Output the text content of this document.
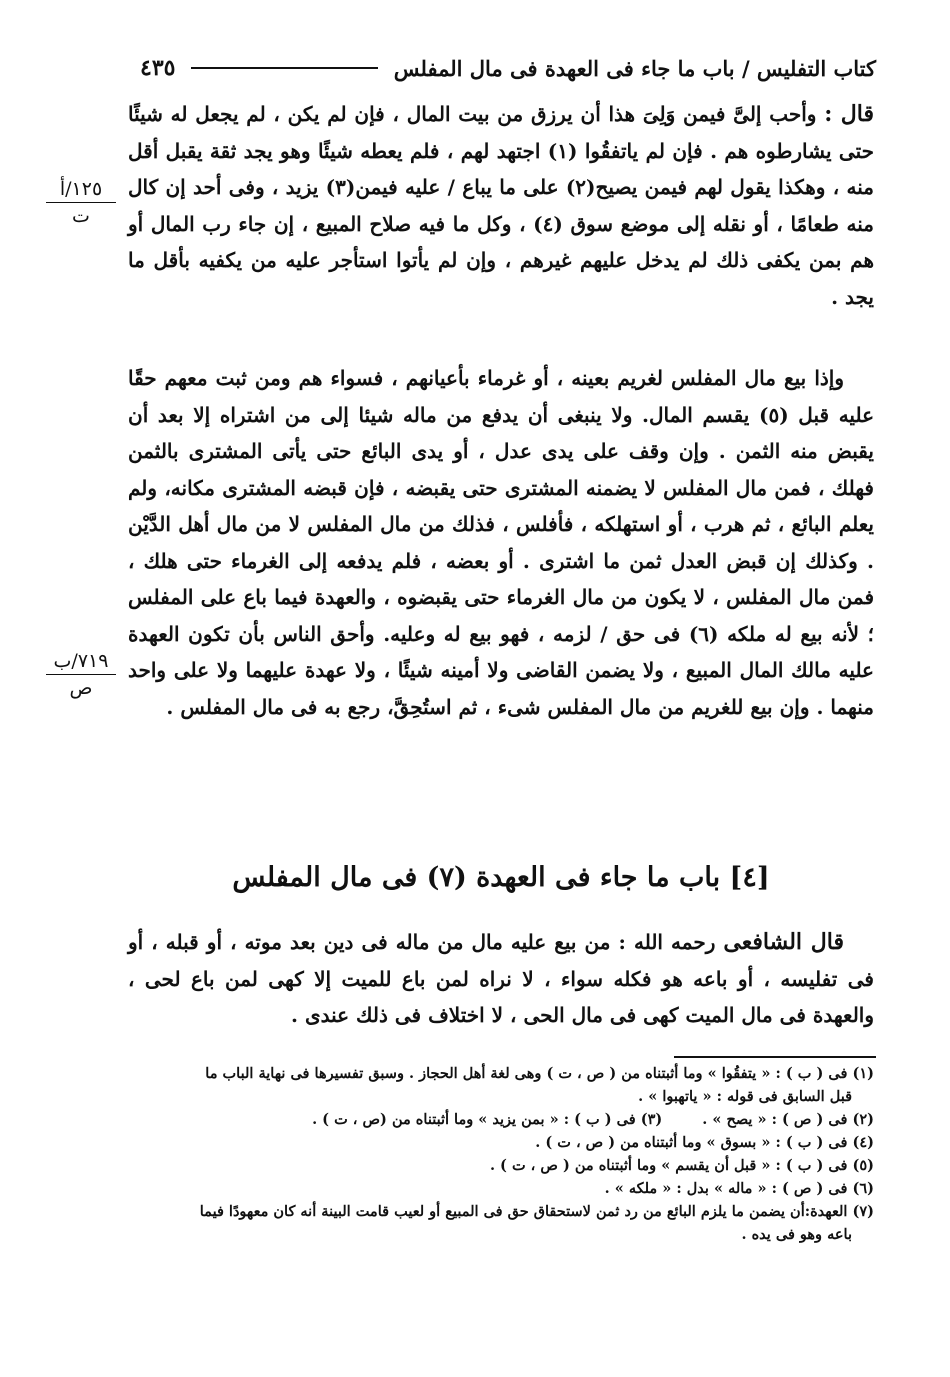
كتاب التفليس / باب ما جاء فى العهدة فى مال المفلس
٤٣٥
١٢٥/أ
ت
٧١٩/ب
ص

قال : وأحب إلىَّ فيمن وَلِىَ هذا أن يرزق من بيت المال ، فإن لم يكن ، لم يجعل له شيئًا حتى يشارطوه هم . فإن لم ياتفقُوا (١) اجتهد لهم ، فلم يعطه شيئًا وهو يجد ثقة يقبل أقل منه ، وهكذا يقول لهم فيمن يصيح(٢) على ما يباع / عليه فيمن(٣) يزيد ، وفى أحد إن كال منه طعامًا ، أو نقله إلى موضع سوق (٤) ، وكل ما فيه صلاح المبيع ، إن جاء رب المال أو هم بمن يكفى ذلك لم يدخل عليهم غيرهم ، وإن لم يأتوا استأجر عليه من يكفيه بأقل ما يجد .

وإذا بيع مال المفلس لغريم بعينه ، أو غرماء بأعيانهم ، فسواء هم ومن ثبت معهم حقًا عليه قبل (٥) يقسم المال. ولا ينبغى أن يدفع من ماله شيئا إلى من اشتراه إلا بعد أن يقبض منه الثمن . وإن وقف على يدى عدل ، أو يدى البائع حتى يأتى المشترى بالثمن فهلك ، فمن مال المفلس لا يضمنه المشترى حتى يقبضه ، فإن قبضه المشترى مكانه، ولم يعلم البائع ، ثم هرب ، أو استهلكه ، فأفلس ، فذلك من مال المفلس لا من مال أهل الدَّيْن . وكذلك إن قبض العدل ثمن ما اشترى . أو بعضه ، فلم يدفعه إلى الغرماء حتى هلك ، فمن مال المفلس ، لا يكون من مال الغرماء حتى يقبضوه ، والعهدة فيما باع على المفلس ؛ لأنه بيع له ملكه (٦) فى حق / لزمه ، فهو بيع له وعليه. وأحق الناس بأن تكون العهدة عليه مالك المال المبيع ، ولا يضمن القاضى ولا أمينه شيئًا ، ولا عهدة عليهما ولا على واحد منهما . وإن بيع للغريم من مال المفلس شىء ، ثم استُحِقَّ، رجع به فى مال المفلس .

[٤] باب ما جاء فى العهدة (٧) فى مال المفلس

قال الشافعى رحمه الله : من بيع عليه مال من ماله فى دين بعد موته ، أو قبله ، أو فى تفليسه ، أو باعه هو فكله سواء ، لا نراه لمن باع للميت إلا كهى لمن باع لحى ، والعهدة فى مال الميت كهى فى مال الحى ، لا اختلاف فى ذلك عندى .

(١) فى ( ب ) : « يتفقُوا » وما أثبتناه من ( ص ، ت ) وهى لغة أهل الحجاز . وسبق تفسيرها فى نهاية الباب ما
قبل السابق فى قوله : « ياتهبوا » .
(٢) فى ( ص ) : « يصح » .
(٣) فى ( ب ) : « بمن يزيد » وما أثبتناه من (ص ، ت ) .
(٤) فى ( ب ) : « بسوق » وما أثبتناه من ( ص ، ت ) .
(٥) فى ( ب ) : « قبل أن يقسم » وما أثبتناه من ( ص ، ت ) .
(٦) فى ( ص ) : « ماله » بدل : « ملكه » .
(٧) العهدة:أن يضمن ما يلزم البائع من رد ثمن لاستحقاق حق فى المبيع أو لعيب قامت البينة أنه كان معهودًا فيما
باعه وهو فى يده .
